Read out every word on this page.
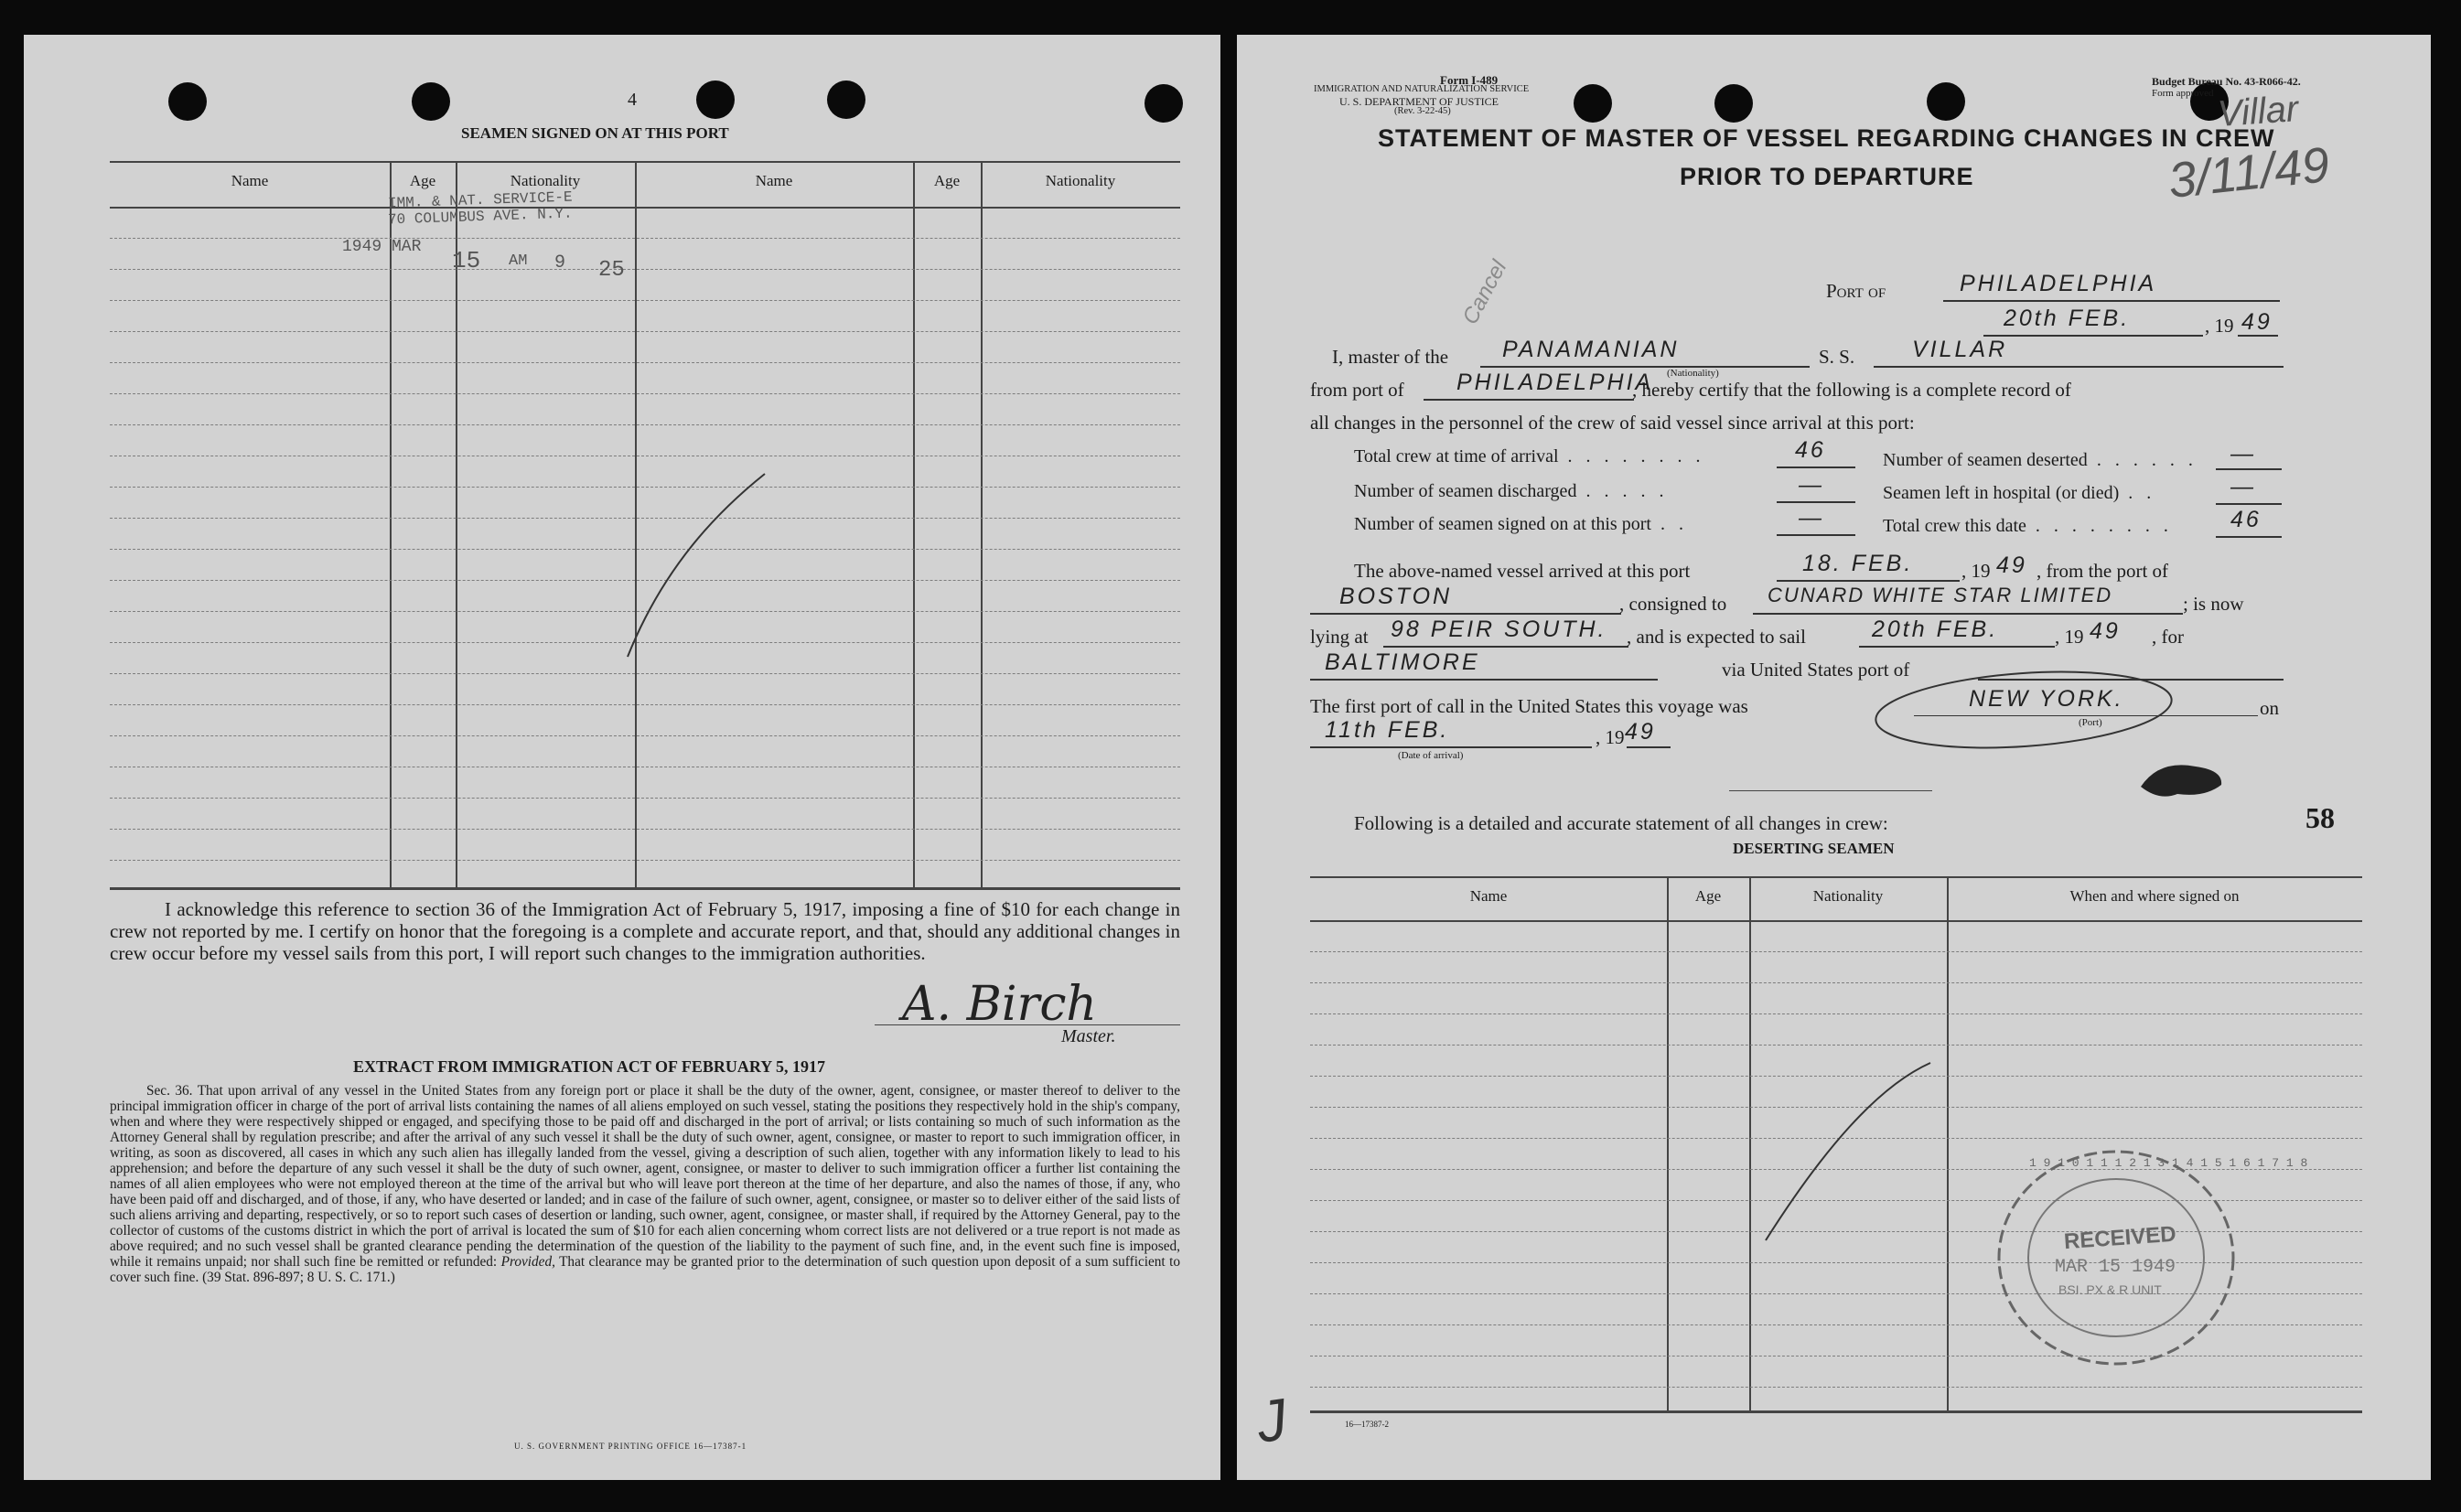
4
SEAMEN SIGNED ON AT THIS PORT
Name	Age	Nationality	Name	Age	Nationality
IMM. & NAT. SERVICE-E
70 COLUMBUS AVE. N.Y.
1949 MAR 15 AM 9 25

I acknowledge this reference to section 36 of the Immigration Act of February 5, 1917, imposing a fine of $10 for each change in crew not reported by me. I certify on honor that the foregoing is a complete and accurate report, and that, should any additional changes in crew occur before my vessel sails from this port, I will report such changes to the immigration authorities.

A. Birch
Master.
EXTRACT FROM IMMIGRATION ACT OF FEBRUARY 5, 1917

Sec. 36. That upon arrival of any vessel in the United States from any foreign port or place it shall be the duty of the owner, agent, consignee, or master thereof to deliver to the principal immigration officer in charge of the port of arrival lists containing the names of all aliens employed on such vessel, stating the positions they respectively hold in the ship's company, when and where they were respectively shipped or engaged, and specifying those to be paid off and discharged in the port of arrival; or lists containing so much of such information as the Attorney General shall by regulation prescribe; and after the arrival of any such vessel it shall be the duty of such owner, agent, consignee, or master to report to such immigration officer, in writing, as soon as discovered, all cases in which any such alien has illegally landed from the vessel, giving a description of such alien, together with any information likely to lead to his apprehension; and before the departure of any such vessel it shall be the duty of such owner, agent, consignee, or master to deliver to such immigration officer a further list containing the names of all alien employees who were not employed thereon at the time of the arrival but who will leave port thereon at the time of her departure, and also the names of those, if any, who have been paid off and discharged, and of those, if any, who have deserted or landed; and in case of the failure of such owner, agent, consignee, or master so to deliver either of the said lists of such aliens arriving and departing, respectively, or so to report such cases of desertion or landing, such owner, agent, consignee, or master shall, if required by the Attorney General, pay to the collector of customs of the customs district in which the port of arrival is located the sum of $10 for each alien concerning whom correct lists are not delivered or a true report is not made as above required; and no such vessel shall be granted clearance pending the determination of the question of the liability to the payment of such fine, and, in the event such fine is imposed, while it remains unpaid; nor shall such fine be remitted or refunded: Provided, That clearance may be granted prior to the determination of such question upon deposit of a sum sufficient to cover such fine. (39 Stat. 896-897; 8 U. S. C. 171.)

U. S. GOVERNMENT PRINTING OFFICE 16—17387-1
Form I-489
IMMIGRATION AND NATURALIZATION SERVICE
U. S. DEPARTMENT OF JUSTICE
(Rev. 3-22-45)
Budget Bureau No. 43-R066-42.
Form approved Villar
3/11/49
STATEMENT OF MASTER OF VESSEL REGARDING CHANGES IN CREW
PRIOR TO DEPARTURE
Cancel	Port of	PHILADELPHIA
20th FEB.	, 19 49
I, master of the PANAMANIAN
(Nationality)
S. S.	VILLAR
from port of PHILADELPHIA
, hereby certify that the following is a complete record of
all changes in the personnel of the crew of said vessel since arrival at this port:
Total crew at time of arrival . . . . . . . .	46	Number of seamen deserted . . . . . . —
Number of seamen discharged . . . . .	—	Seamen left in hospital (or died) . .	—
Number of seamen signed on at this port . .	—	Total crew this date . . . . . . . .	46
The above-named vessel arrived at this port	18. FEB.	, 19 49 , from the port of
BOSTON	, consigned to CUNARD WHITE STAR LIMITED	; is now
lying at 98 PEIR SOUTH. , and is expected to sail	20th FEB.	, 19 49 , for
BALTIMORE	via United States port of
The first port of call in the United States this voyage was	NEW YORK.
(Port)
on
11th FEB.
(Date of arrival)
, 19 49
Following is a detailed and accurate statement of all changes in crew:	58
DESERTING SEAMEN
Name	Age	Nationality	When and where signed on
1 9 1 0 1 1 1 2 1 3 1 4 1 5 1 6 1 7 1 8
RECEIVED
MAR 15 1949
BSI. PX & R UNIT
J	16—17387-2
